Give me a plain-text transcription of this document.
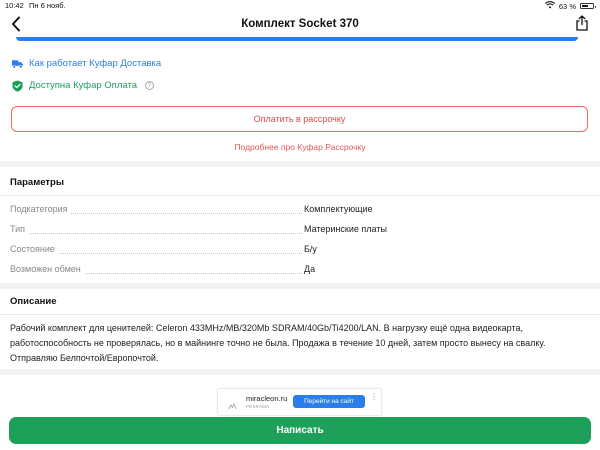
10:42 Пн 6 нояб.	63 %
Комплект Socket 370
Как работает Куфар Доставка
Доступна Куфар Оплата	?
Оплатить в рассрочку
Подробнее про Куфар Рассрочку
Параметры
Подкатегория	Комплектующие
Тип	Материнские платы
Состояние	Б/у
Возможен обмен	Да
Описание
Рабочий комплект для ценителей: Celeron 433MHz/MB/320Mb SDRAM/40Gb/Ti4200/LAN. В нагрузку ещё одна видеокарта, работоспособность не проверялась, но в майнинге точно не была. Продажа в течение 10 дней, затем просто вынесу на свалку. Отправляю Белпочтой/Европочтой.
miracleon.ru
РЕКЛАМА
Перейти на сайт
⋮
Написать
